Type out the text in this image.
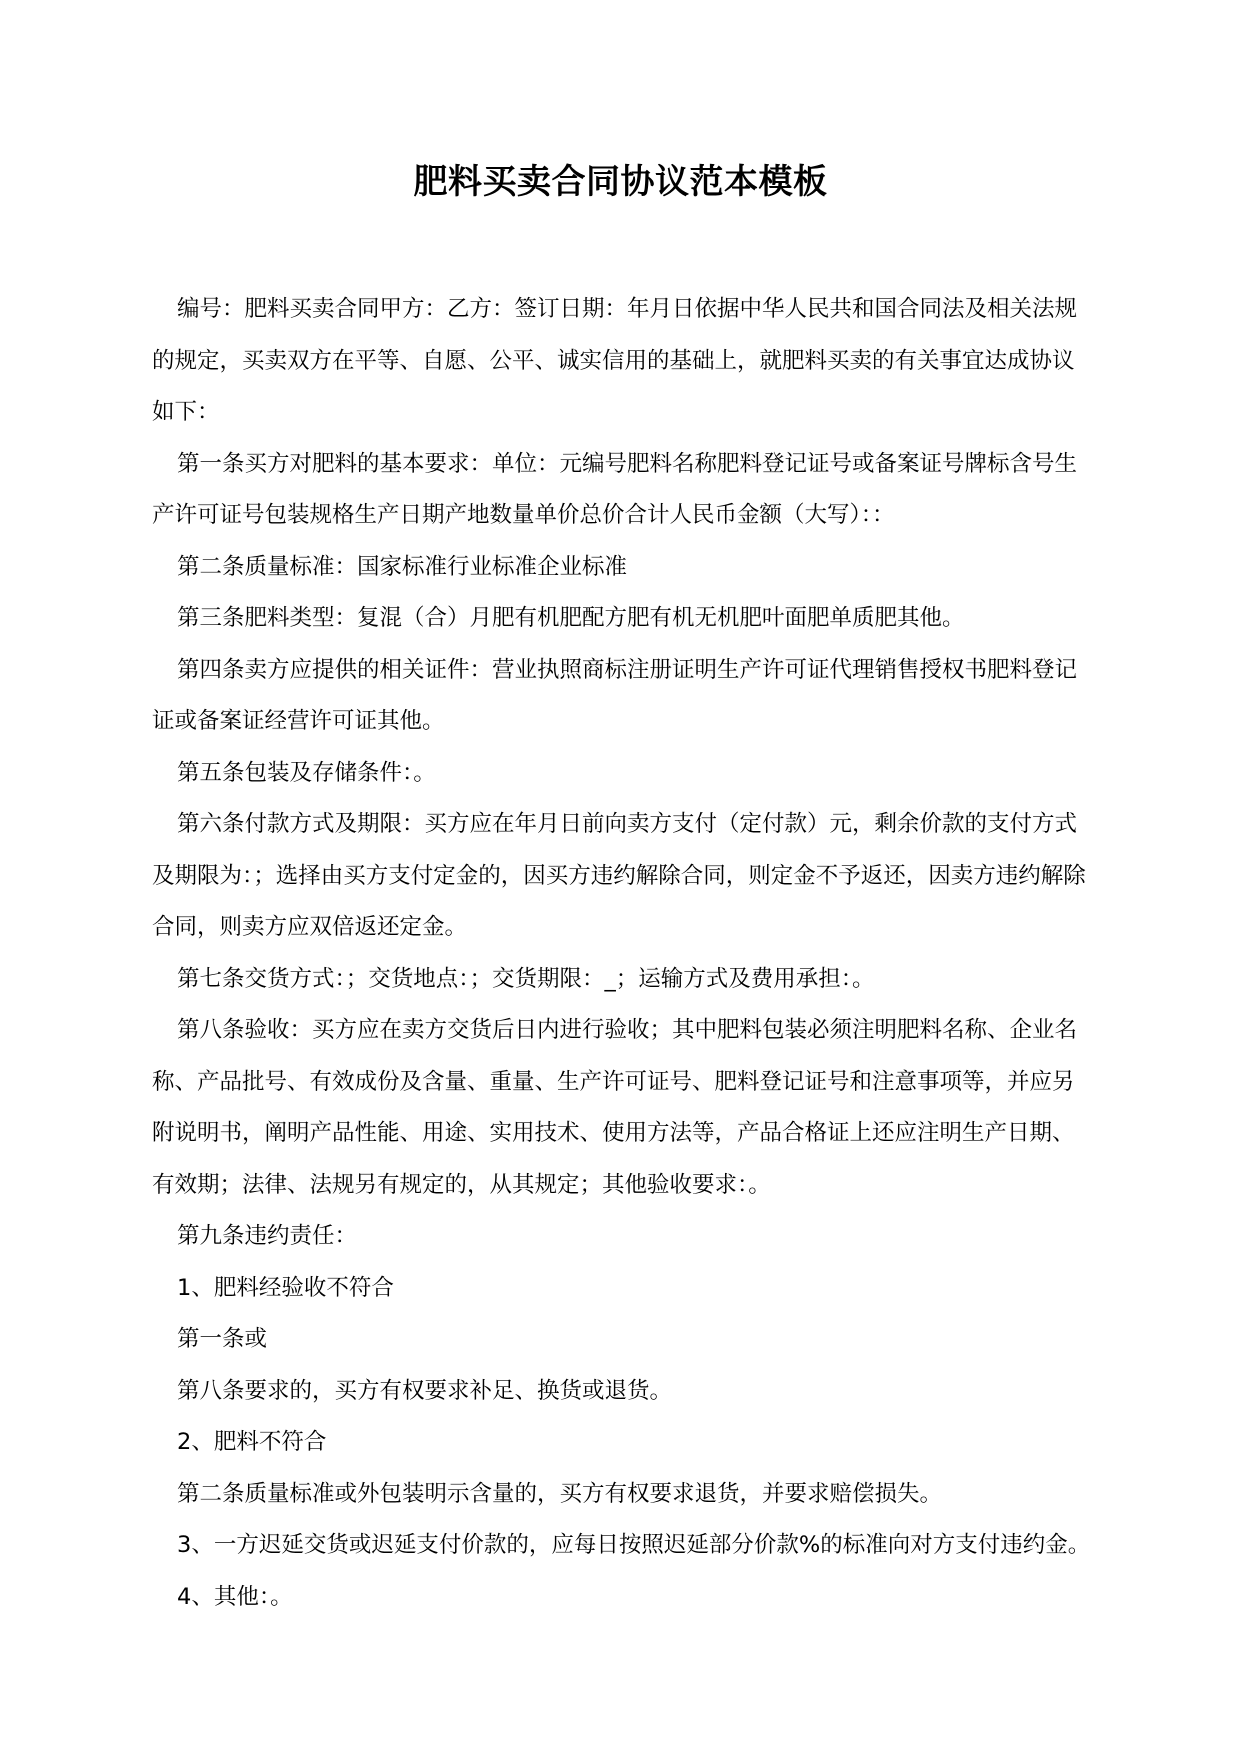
肥料买卖合同协议范本模板

编号：肥料买卖合同甲方：乙方：签订日期：年月日依据中华人民共和国合同法及相关法规的规定，买卖双方在平等、自愿、公平、诚实信用的基础上，就肥料买卖的有关事宜达成协议如下：

第一条买方对肥料的基本要求：单位：元编号肥料名称肥料登记证号或备案证号牌标含号生产许可证号包装规格生产日期产地数量单价总价合计人民币金额（大写）：：

第二条质量标准：国家标准行业标准企业标准

第三条肥料类型：复混（合）月肥有机肥配方肥有机无机肥叶面肥单质肥其他。

第四条卖方应提供的相关证件：营业执照商标注册证明生产许可证代理销售授权书肥料登记证或备案证经营许可证其他。

第五条包装及存储条件：。

第六条付款方式及期限：买方应在年月日前向卖方支付（定付款）元，剩余价款的支付方式及期限为：；选择由买方支付定金的，因买方违约解除合同，则定金不予返还，因卖方违约解除合同，则卖方应双倍返还定金。

第七条交货方式：；交货地点：；交货期限：_；运输方式及费用承担：。

第八条验收：买方应在卖方交货后日内进行验收；其中肥料包装必须注明肥料名称、企业名称、产品批号、有效成份及含量、重量、生产许可证号、肥料登记证号和注意事项等，并应另附说明书，阐明产品性能、用途、实用技术、使用方法等，产品合格证上还应注明生产日期、有效期；法律、法规另有规定的，从其规定；其他验收要求：。

第九条违约责任：

1、肥料经验收不符合

第一条或

第八条要求的，买方有权要求补足、换货或退货。

2、肥料不符合

第二条质量标准或外包装明示含量的，买方有权要求退货，并要求赔偿损失。

3、一方迟延交货或迟延支付价款的，应每日按照迟延部分价款%的标准向对方支付违约金。

4、其他：。
